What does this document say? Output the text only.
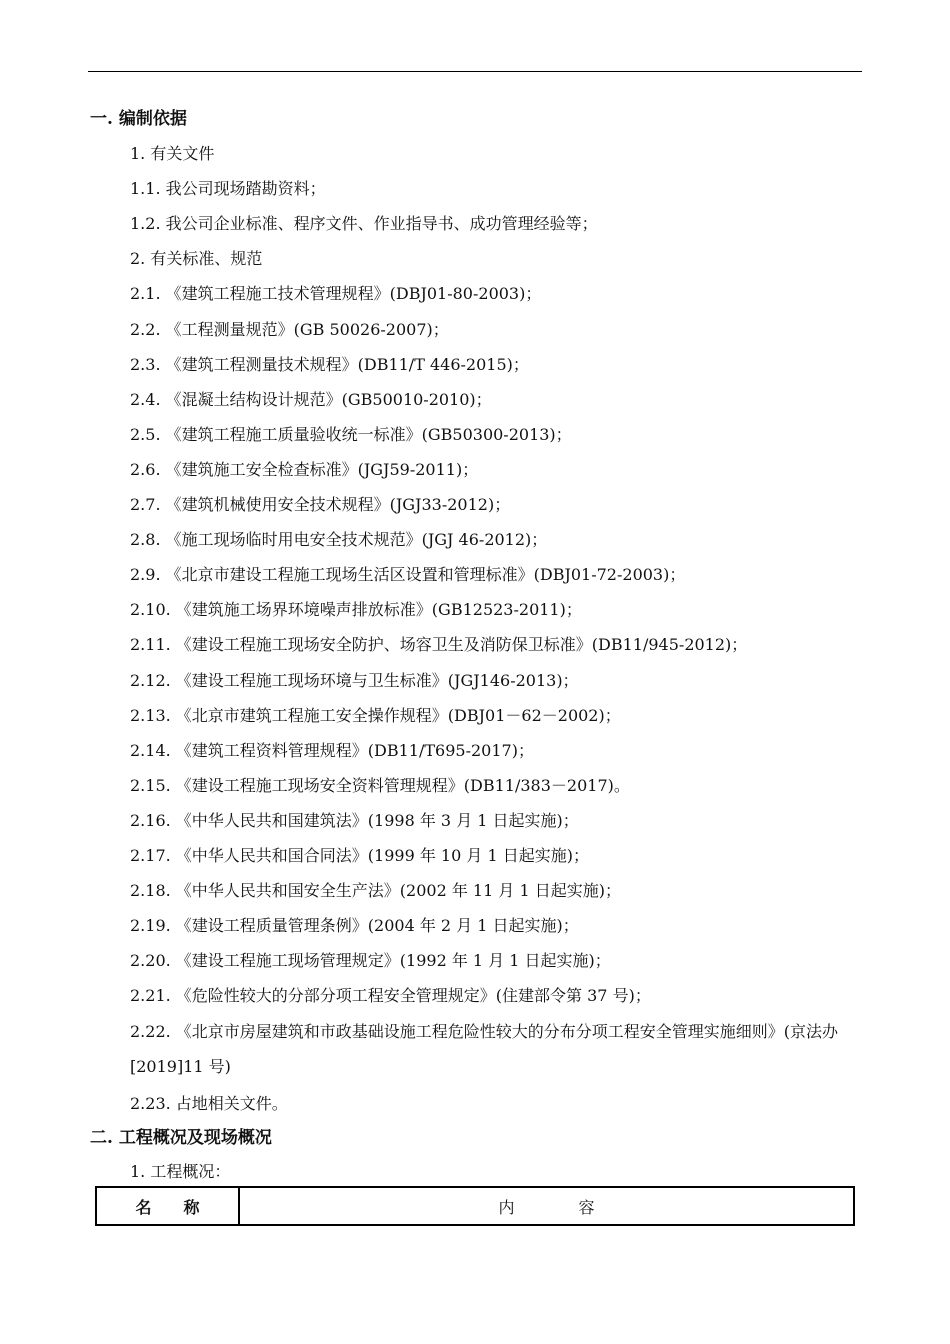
一. 编制依据
1. 有关文件
1.1. 我公司现场踏勘资料；
1.2. 我公司企业标准、程序文件、作业指导书、成功管理经验等；
2. 有关标准、规范
2.1. 《建筑工程施工技术管理规程》(DBJ01-80-2003)；
2.2. 《工程测量规范》(GB 50026-2007)；
2.3. 《建筑工程测量技术规程》(DB11/T 446-2015)；
2.4. 《混凝土结构设计规范》(GB50010-2010)；
2.5. 《建筑工程施工质量验收统一标准》(GB50300-2013)；
2.6. 《建筑施工安全检查标准》(JGJ59-2011)；
2.7. 《建筑机械使用安全技术规程》(JGJ33-2012)；
2.8. 《施工现场临时用电安全技术规范》(JGJ 46-2012)；
2.9. 《北京市建设工程施工现场生活区设置和管理标准》(DBJ01-72-2003)；
2.10. 《建筑施工场界环境噪声排放标准》(GB12523-2011)；
2.11. 《建设工程施工现场安全防护、场容卫生及消防保卫标准》(DB11/945-2012)；
2.12. 《建设工程施工现场环境与卫生标准》(JGJ146-2013)；
2.13. 《北京市建筑工程施工安全操作规程》(DBJ01－62－2002)；
2.14. 《建筑工程资料管理规程》(DB11/T695-2017)；
2.15. 《建设工程施工现场安全资料管理规程》(DB11/383－2017)。
2.16. 《中华人民共和国建筑法》(1998 年 3 月 1 日起实施)；
2.17. 《中华人民共和国合同法》(1999 年 10 月 1 日起实施)；
2.18. 《中华人民共和国安全生产法》(2002 年 11 月 1 日起实施)；
2.19. 《建设工程质量管理条例》(2004 年 2 月 1 日起实施)；
2.20. 《建设工程施工现场管理规定》(1992 年 1 月 1 日起实施)；
2.21. 《危险性较大的分部分项工程安全管理规定》(住建部令第 37 号)；
2.22. 《北京市房屋建筑和市政基础设施工程危险性较大的分布分项工程安全管理实施细则》(京法办[2019]11 号)
2.23. 占地相关文件。
二. 工程概况及现场概况
1. 工程概况：
名　　称	内　　　　容
